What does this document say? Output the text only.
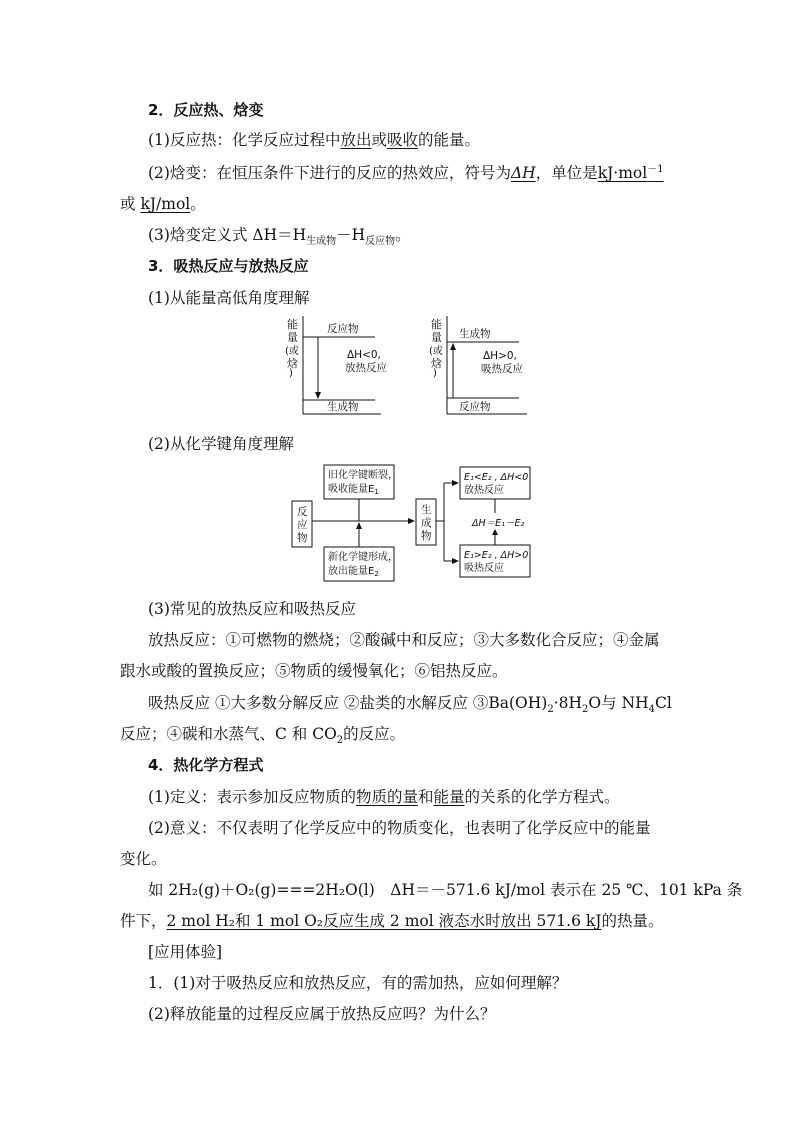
2．反应热、焓变
(1)反应热：化学反应过程中放出或吸收的能量。
(2)焓变：在恒压条件下进行的反应的热效应，符号为ΔH，单位是kJ·mol$^{-1}$
或 kJ/mol。
(3)焓变定义式 $\Delta H=H_{生成物}-H_{反应物}$。
3．吸热反应与放热反应
(1)从能量高低角度理解
能
量
(或
焓
)
反应物
ΔH<0,
放热反应
生成物
能
量
(或
焓
)
生成物
ΔH>0,
吸热反应
反应物
(2)从化学键角度理解
反
应
物
生
成
物
旧化学键断裂，
吸收能量$E_1$
新化学键形成，
放出能量$E_2$
E₁<E₂ , ΔH<0
放热反应
ΔH＝E₁－E₂
E₁>E₂ , ΔH>0
吸热反应
(3)常见的放热反应和吸热反应
放热反应：①可燃物的燃烧；②酸碱中和反应；③大多数化合反应；④金属
跟水或酸的置换反应；⑤物质的缓慢氧化；⑥铝热反应。
吸热反应 ①大多数分解反应 ②盐类的水解反应 $③Ba(OH)_2\cdot 8H_2O$与 $NH_4Cl$
反应；④碳和水蒸气、C 和 $CO_2$的反应。
4．热化学方程式
(1)定义：表示参加反应物质的物质的量和能量的关系的化学方程式。
(2)意义：不仅表明了化学反应中的物质变化，也表明了化学反应中的能量
变化。
如 2H₂(g)＋O₂(g)===2H₂O(l)　ΔH＝－571.6 kJ/mol 表示在 25 ℃、101 kPa 条
件下，2 mol H₂和 1 mol O₂反应生成 2 mol 液态水时放出 571.6 kJ的热量。
[应用体验]
1．(1)对于吸热反应和放热反应，有的需加热，应如何理解？
(2)释放能量的过程反应属于放热反应吗？为什么？
